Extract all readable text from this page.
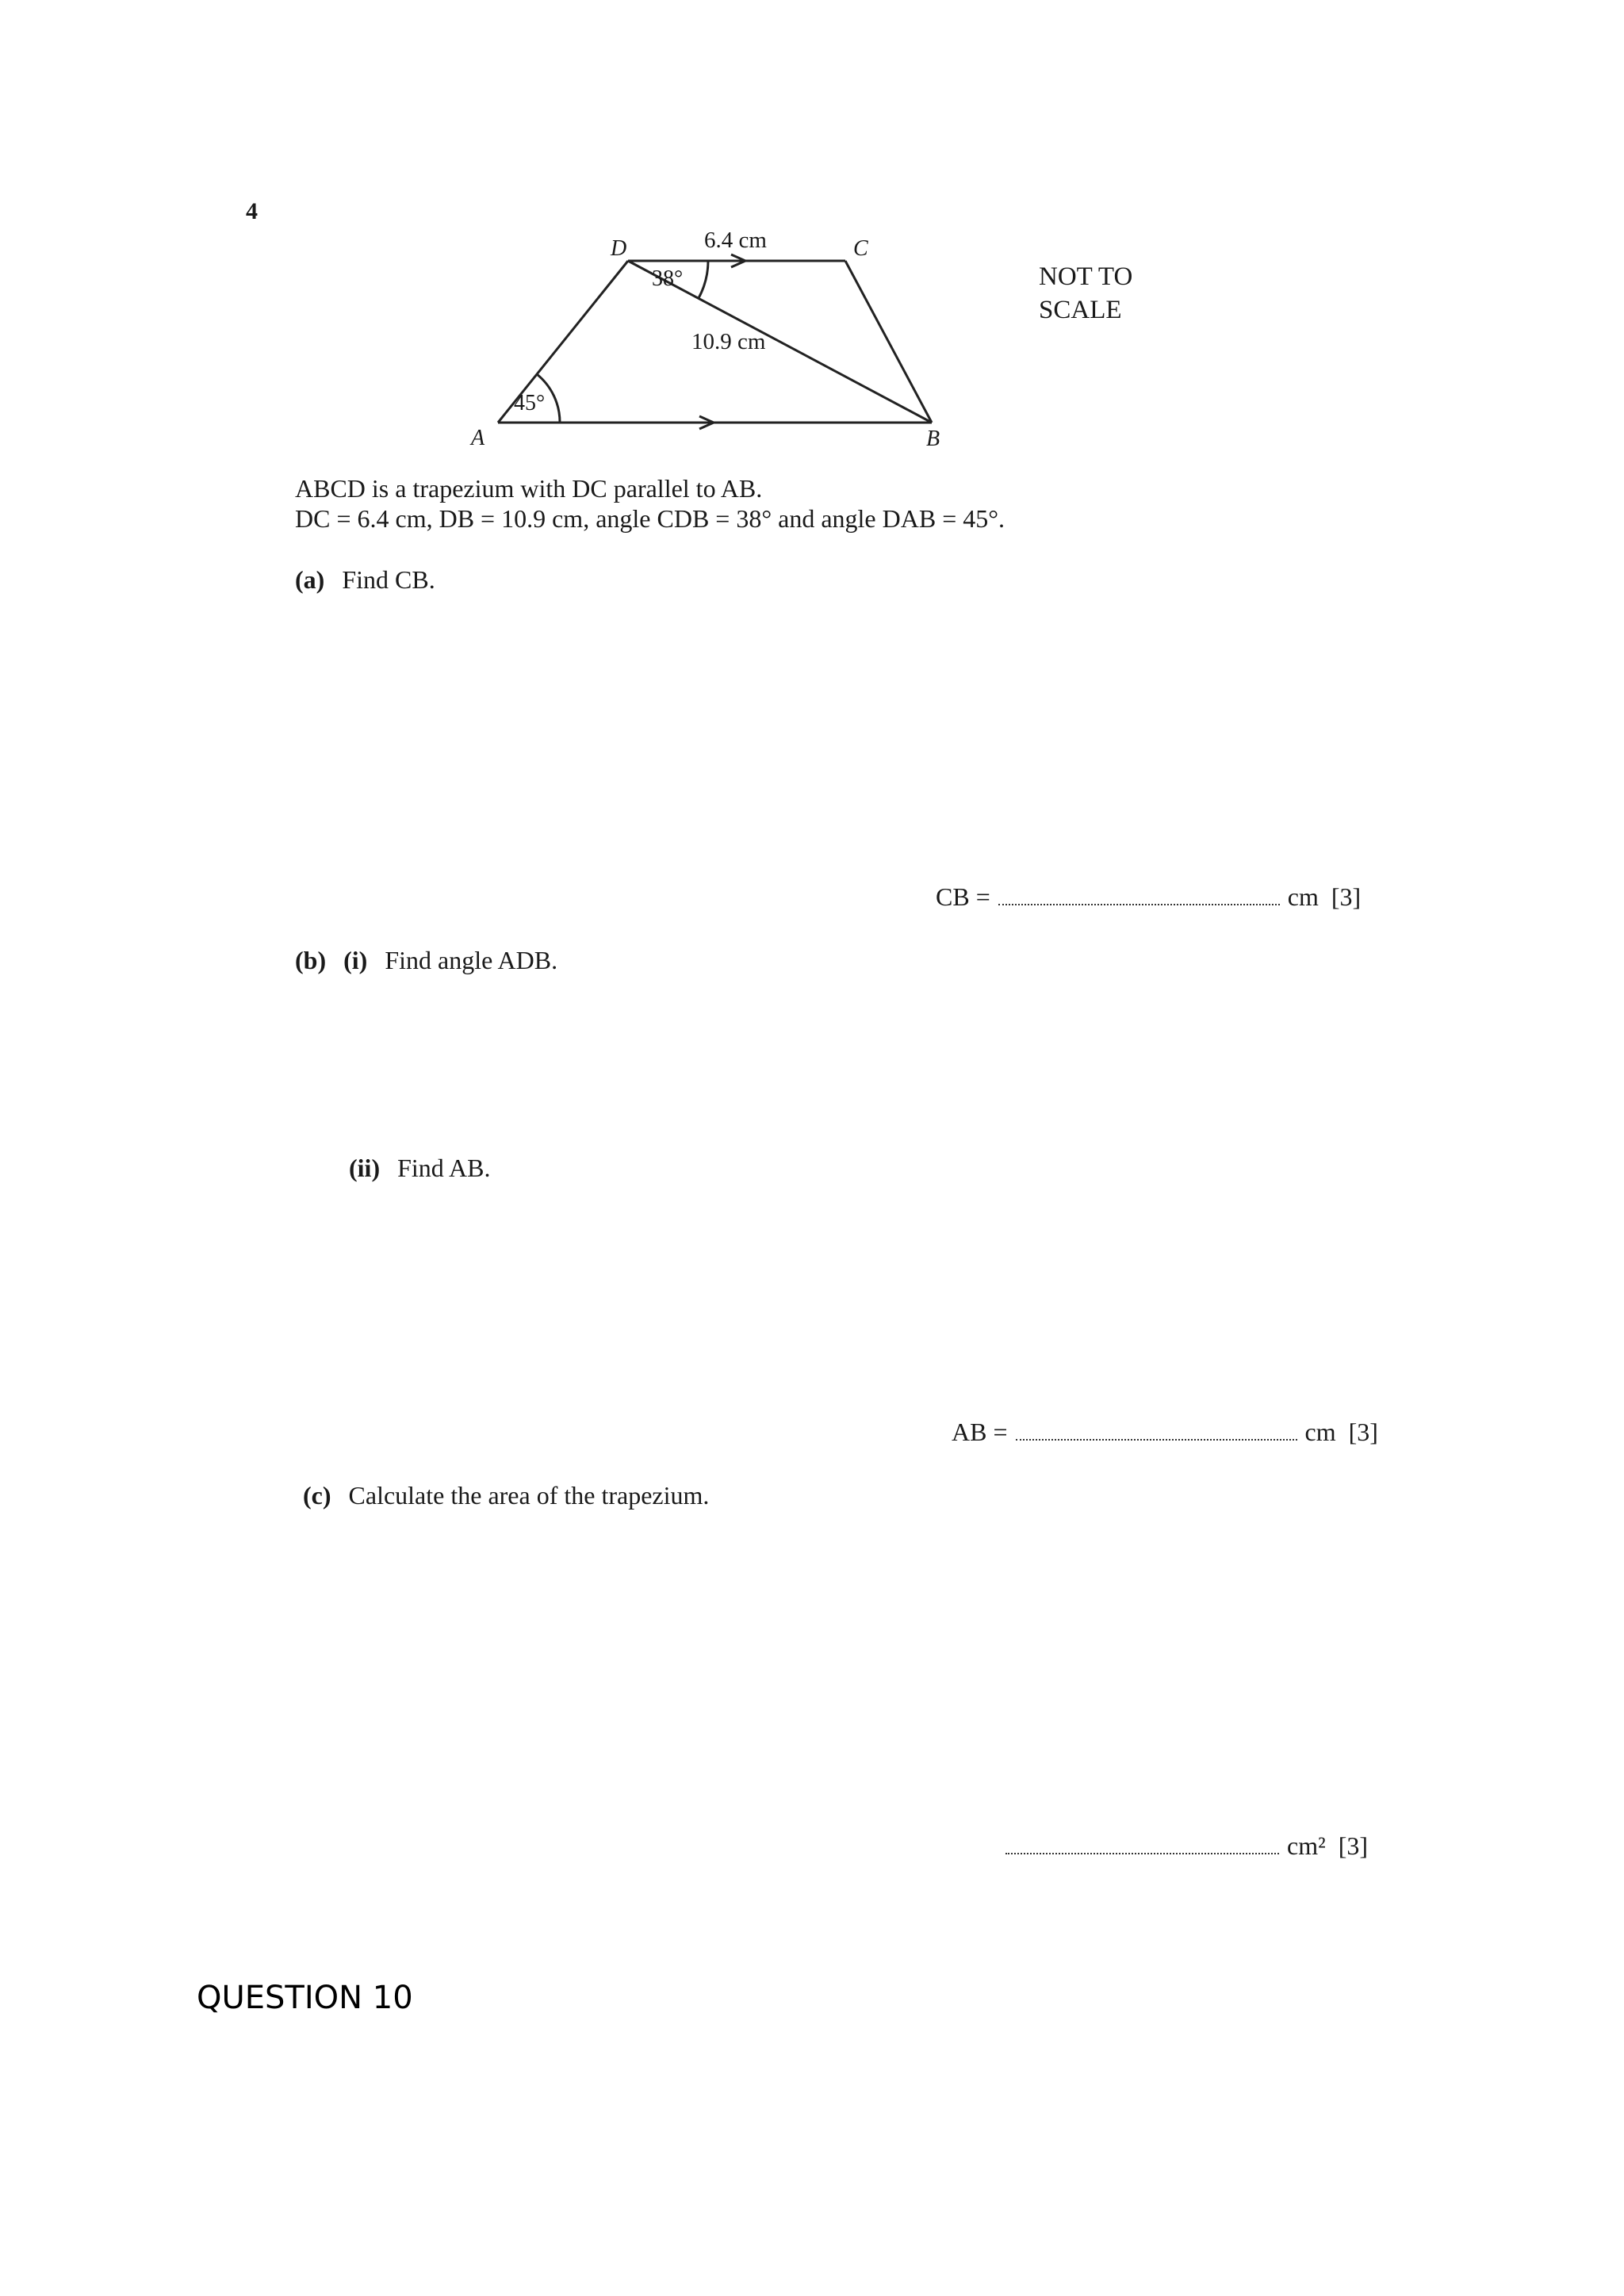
4
D	C
A	B
6.4 cm
10.9 cm
38°
45°
NOT TO
SCALE
ABCD is a trapezium with DC parallel to AB.
DC = 6.4 cm, DB = 10.9 cm, angle CDB = 38° and angle DAB = 45°.
(a) Find CB.
CB =	cm [3]
(b) (i) Find angle ADB.
(ii) Find AB.
AB =	cm [3]
(c) Calculate the area of the trapezium.
cm² [3]
QUESTION 10
